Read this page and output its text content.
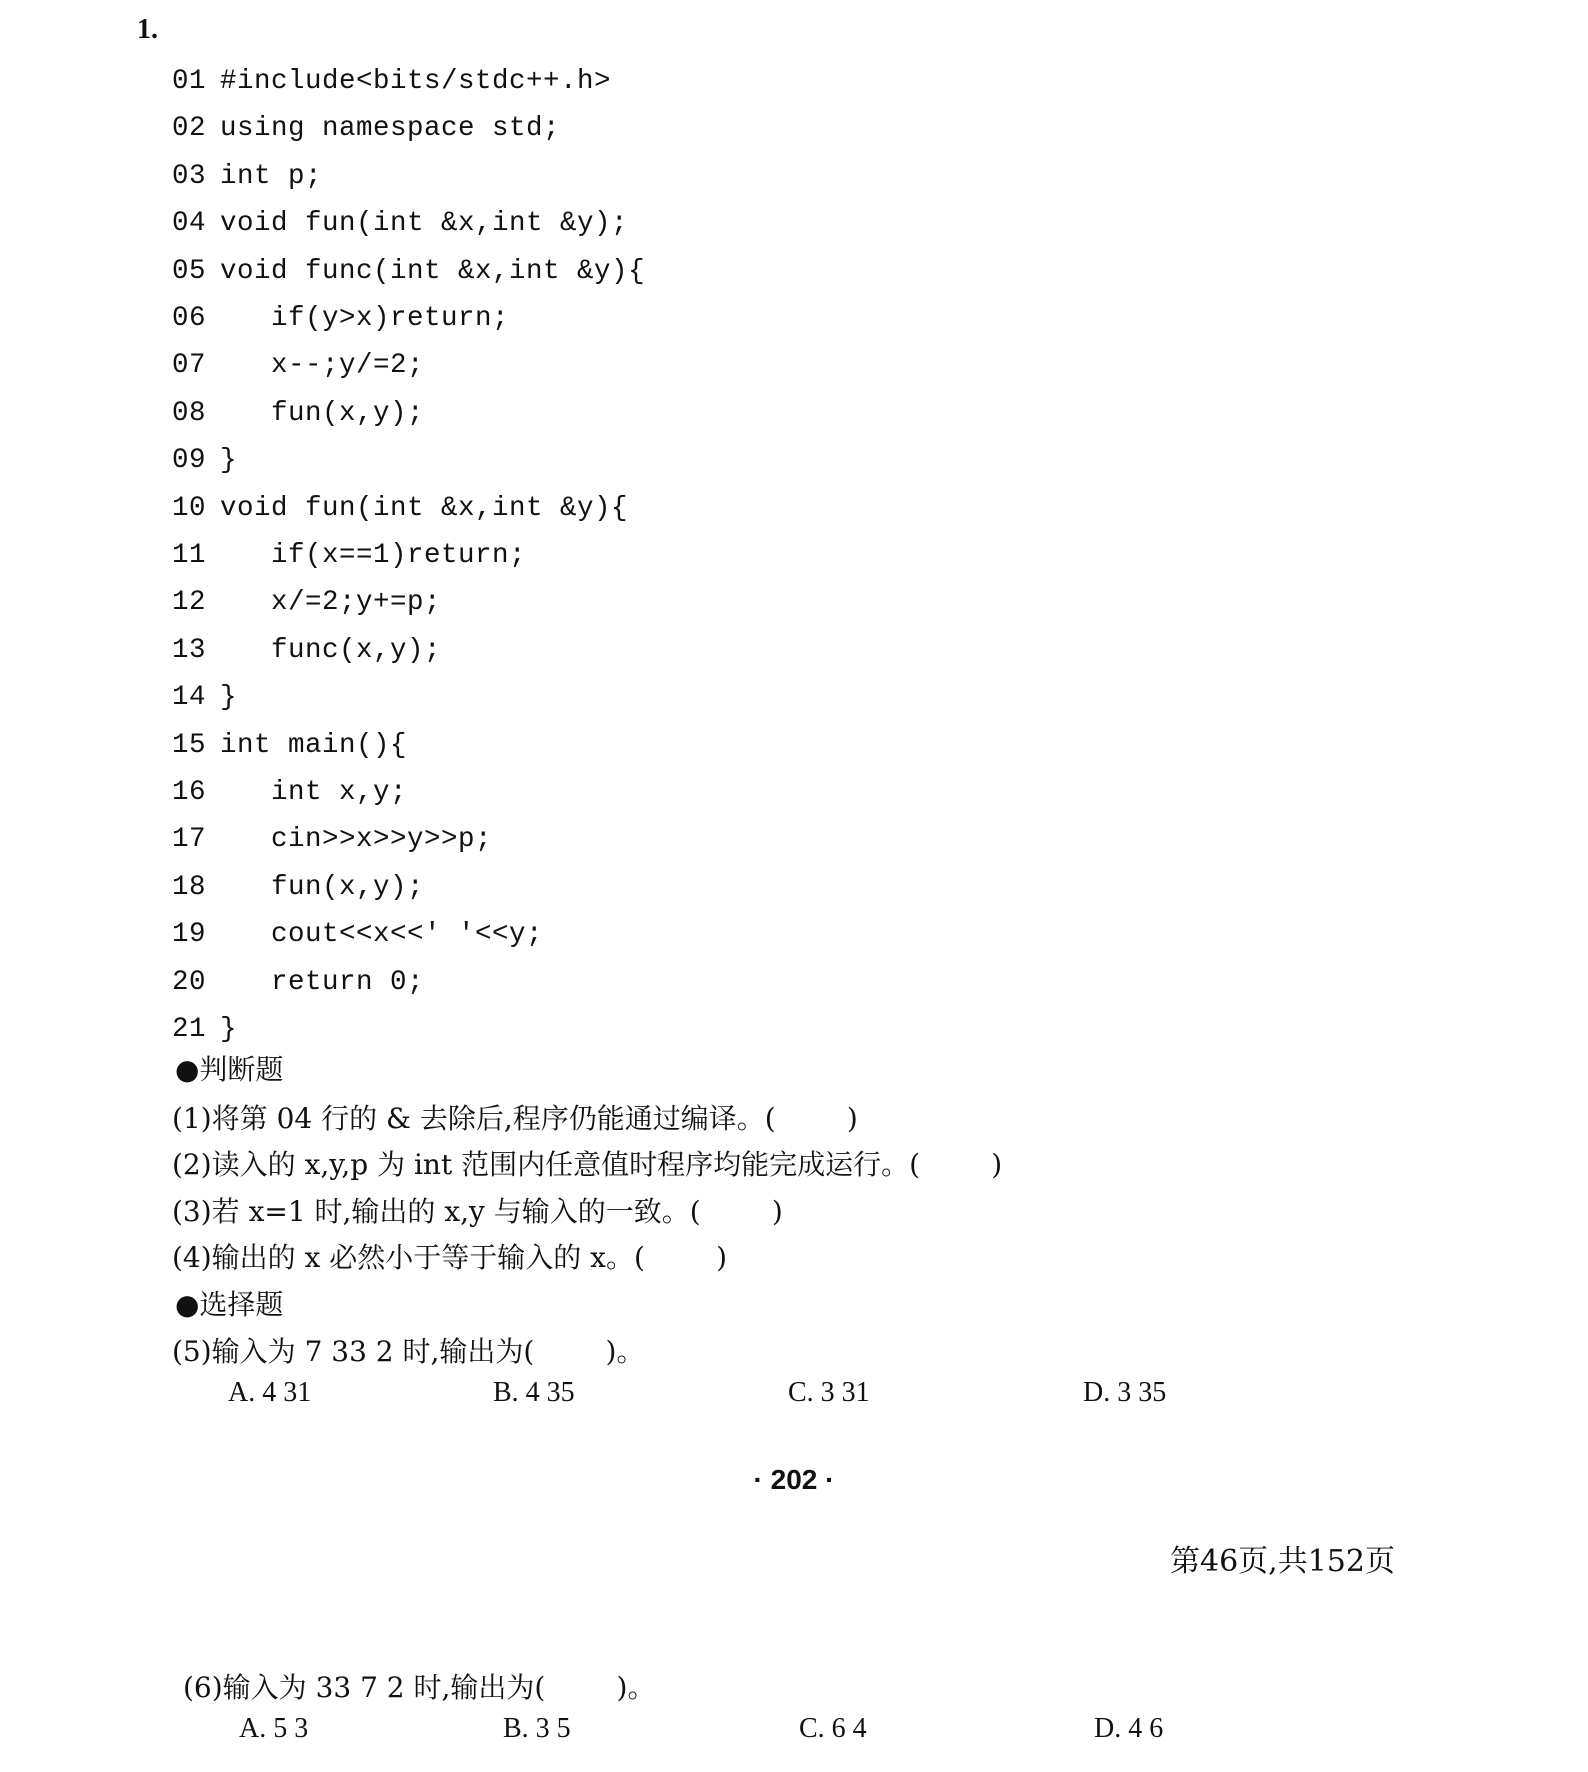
1.
01 #include<bits/stdc++.h>
02 using namespace std;
03 int p;
04 void fun(int &x,int &y);
05 void func(int &x,int &y){
06   if(y>x)return;
07   x--;y/=2;
08   fun(x,y);
09 }
10 void fun(int &x,int &y){
11   if(x==1)return;
12   x/=2;y+=p;
13   func(x,y);
14 }
15 int main(){
16   int x,y;
17   cin>>x>>y>>p;
18   fun(x,y);
19   cout<<x<<' '<<y;
20   return 0;
21 }
●判断题
(1)将第 04 行的 & 去除后,程序仍能通过编译。(        )
(2)读入的 x,y,p 为 int 范围内任意值时程序均能完成运行。(        )
(3)若 x=1 时,输出的 x,y 与输入的一致。(        )
(4)输出的 x 必然小于等于输入的 x。(        )
●选择题
(5)输入为 7 33 2 时,输出为(        )。
A. 4 31	B. 4 35	C. 3 31	D. 3 35
· 202 ·
第46页,共152页
(6)输入为 33 7 2 时,输出为(        )。
A. 5 3	B. 3 5	C. 6 4	D. 4 6
